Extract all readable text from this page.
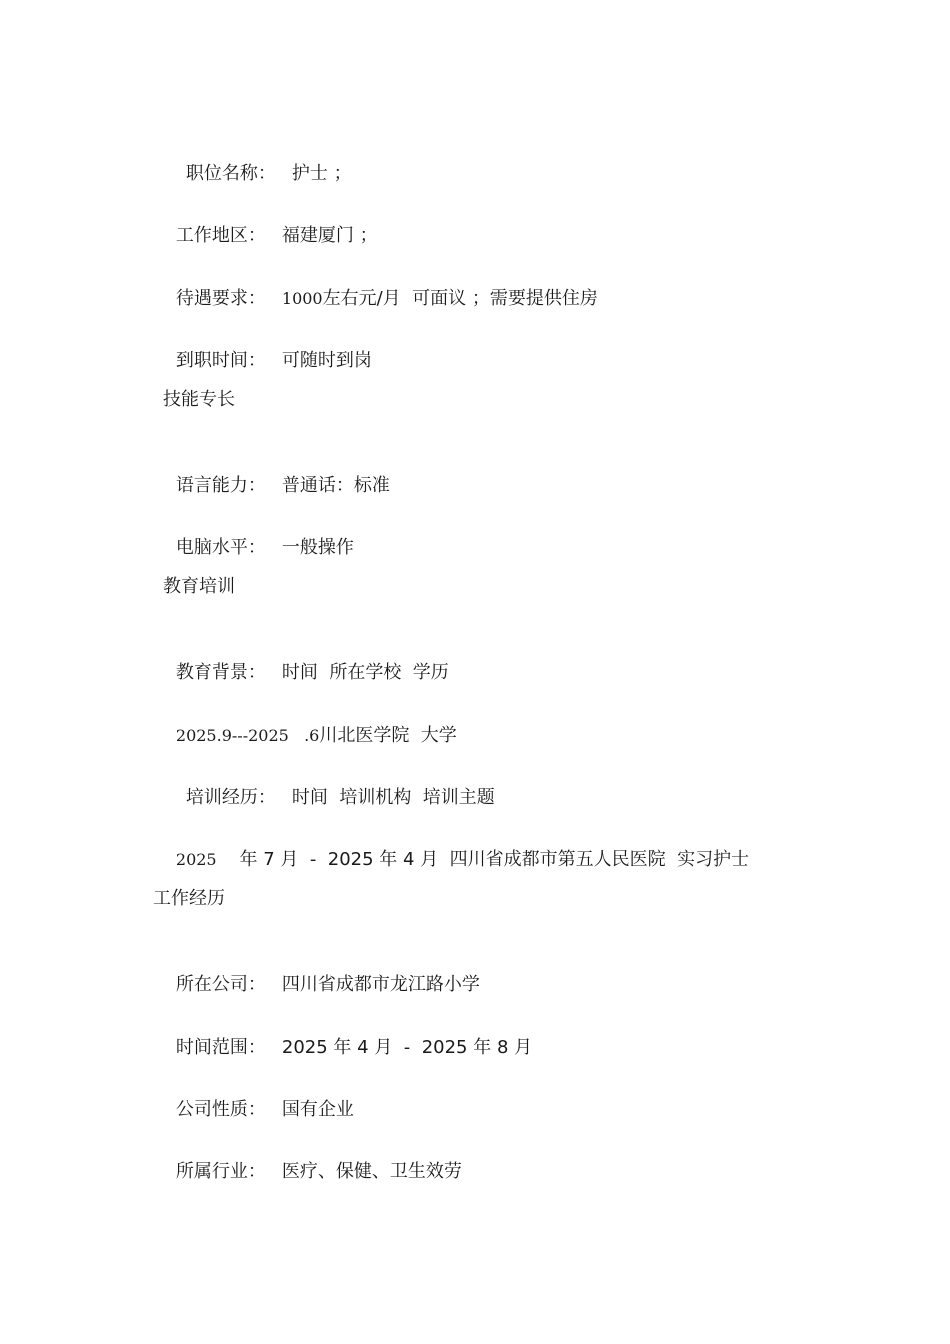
职位名称： 护士 ；

工作地区： 福建厦门 ；

待遇要求： 1000左右元/月  可面议 ；需要提供住房

到职时间： 可随时到岗

技能专长

语言能力： 普通话：标准

电脑水平： 一般操作

教育培训

教育背景： 时间  所在学校  学历

2025.9---2025   .6川北医学院  大学

培训经历： 时间  培训机构  培训主题

2025 年 7 月  -  2025 年 4 月 四川省成都市第五人民医院  实习护士

工作经历

所在公司： 四川省成都市龙江路小学

时间范围： 2025 年 4 月  -  2025 年 8 月

公司性质： 国有企业

所属行业： 医疗、保健、卫生效劳
